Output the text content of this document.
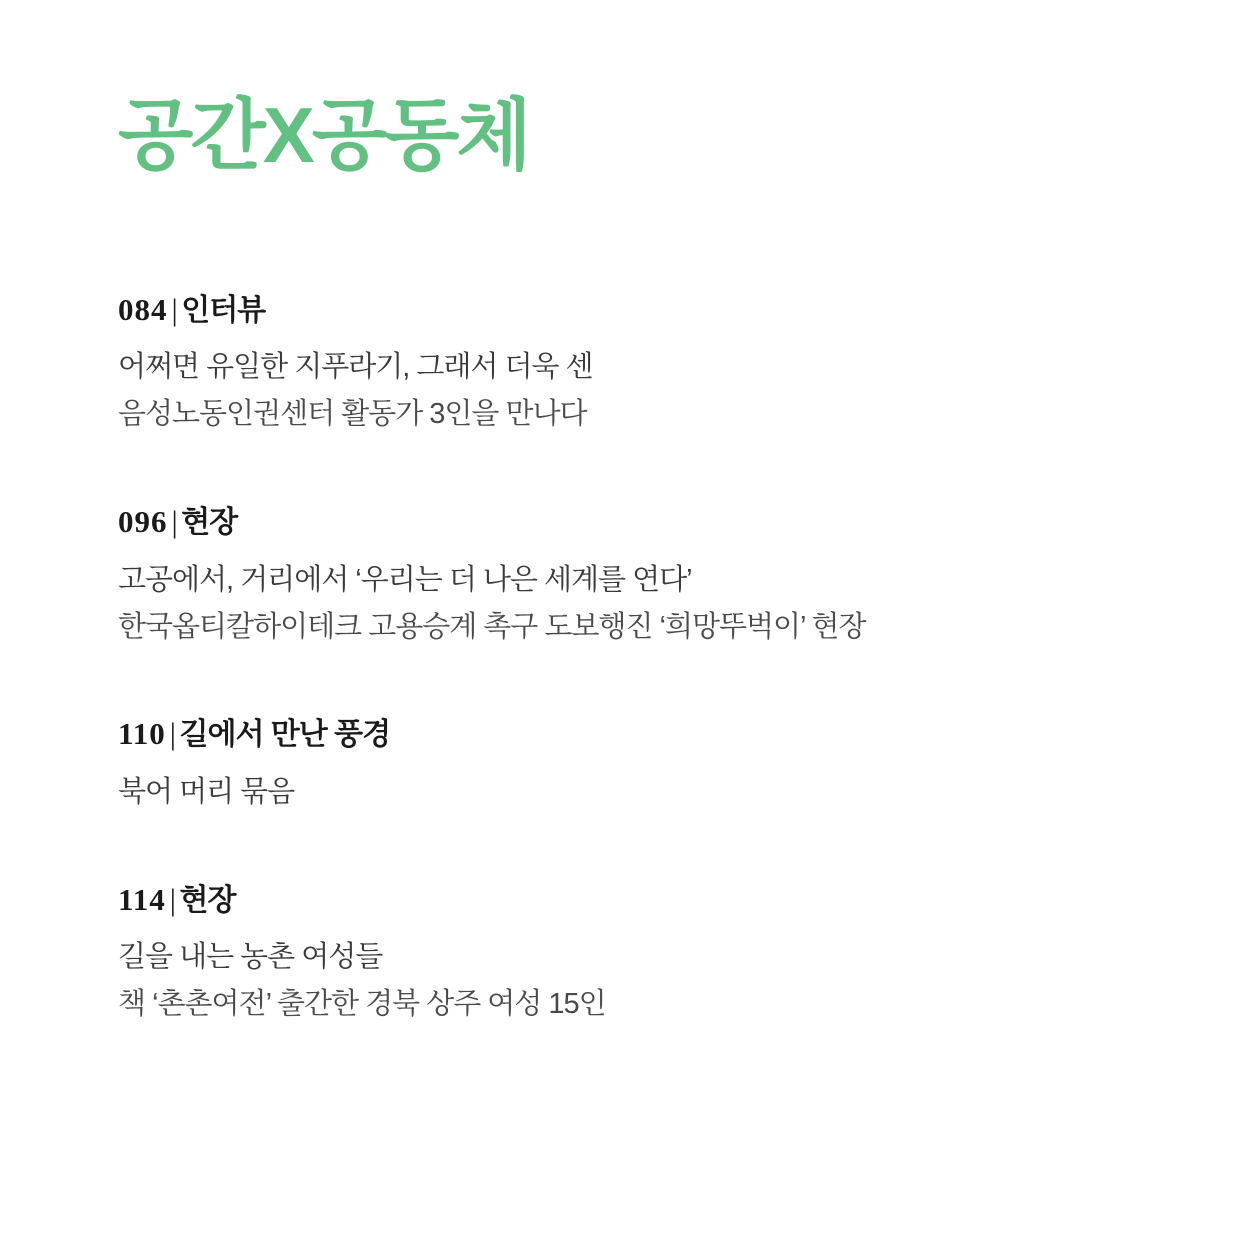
공간X공동체
084 | 인터뷰
어쩌면 유일한 지푸라기, 그래서 더욱 센
음성노동인권센터 활동가 3인을 만나다
096 | 현장
고공에서, 거리에서 ‘우리는 더 나은 세계를 연다’
한국옵티칼하이테크 고용승계 촉구 도보행진 ‘희망뚜벅이’ 현장
110 | 길에서 만난 풍경
북어 머리 묶음
114 | 현장
길을 내는 농촌 여성들
책 ‘촌촌여전’ 출간한 경북 상주 여성 15인
